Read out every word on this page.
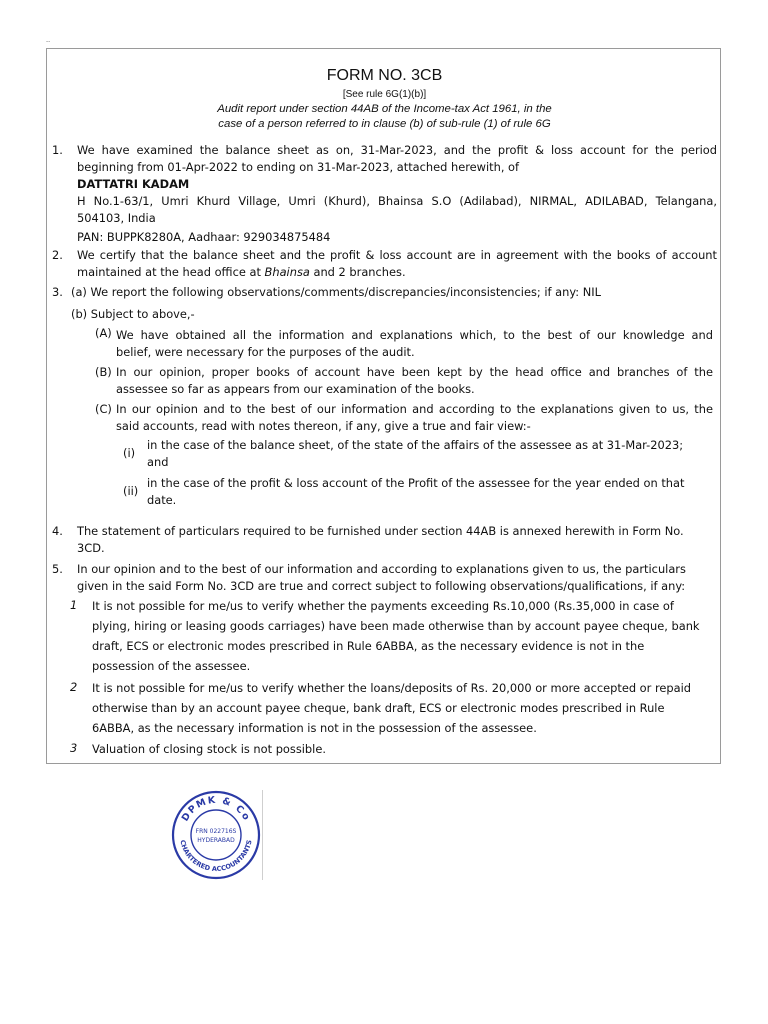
--
FORM NO. 3CB
[See rule 6G(1)(b)]
Audit report under section 44AB of the Income-tax Act 1961, in the
case of a person referred to in clause (b) of sub-rule (1) of rule 6G
1. We have examined the balance sheet as on, 31-Mar-2023, and the profit & loss account for the period
beginning from 01-Apr-2022 to ending on 31-Mar-2023, attached herewith, of
DATTATRI KADAM
H No.1-63/1, Umri Khurd Village, Umri (Khurd), Bhainsa S.O (Adilabad), NIRMAL, ADILABAD, Telangana,
504103, India
PAN: BUPPK8280A, Aadhaar: 929034875484
2. We certify that the balance sheet and the profit & loss account are in agreement with the books of account
maintained at the head office at Bhainsa and 2 branches.
3. (a) We report the following observations/comments/discrepancies/inconsistencies; if any: NIL
(b) Subject to above,-
(A) We have obtained all the information and explanations which, to the best of our knowledge and
belief, were necessary for the purposes of the audit.
(B) In our opinion, proper books of account have been kept by the head office and branches of the
assessee so far as appears from our examination of the books.
(C) In our opinion and to the best of our information and according to the explanations given to us, the
said accounts, read with notes thereon, if any, give a true and fair view:-
(i)
in the case of the balance sheet, of the state of the affairs of the assessee as at 31-Mar-2023;
and
(ii)
in the case of the profit & loss account of the Profit of the assessee for the year ended on that
date.
4. The statement of particulars required to be furnished under section 44AB is annexed herewith in Form No.
3CD.
5. In our opinion and to the best of our information and according to explanations given to us, the particulars
given in the said Form No. 3CD are true and correct subject to following observations/qualifications, if any:
1 It is not possible for me/us to verify whether the payments exceeding Rs.10,000 (Rs.35,000 in case of
plying, hiring or leasing goods carriages) have been made otherwise than by account payee cheque, bank
draft, ECS or electronic modes prescribed in Rule 6ABBA, as the necessary evidence is not in the
possession of the assessee.
2 It is not possible for me/us to verify whether the loans/deposits of Rs. 20,000 or more accepted or repaid
otherwise than by an account payee cheque, bank draft, ECS or electronic modes prescribed in Rule
6ABBA, as the necessary information is not in the possession of the assessee.
3 Valuation of closing stock is not possible.
DPMK & Co
CHARTERED ACCOUNTANTS
FRN 022716S
HYDERABAD
